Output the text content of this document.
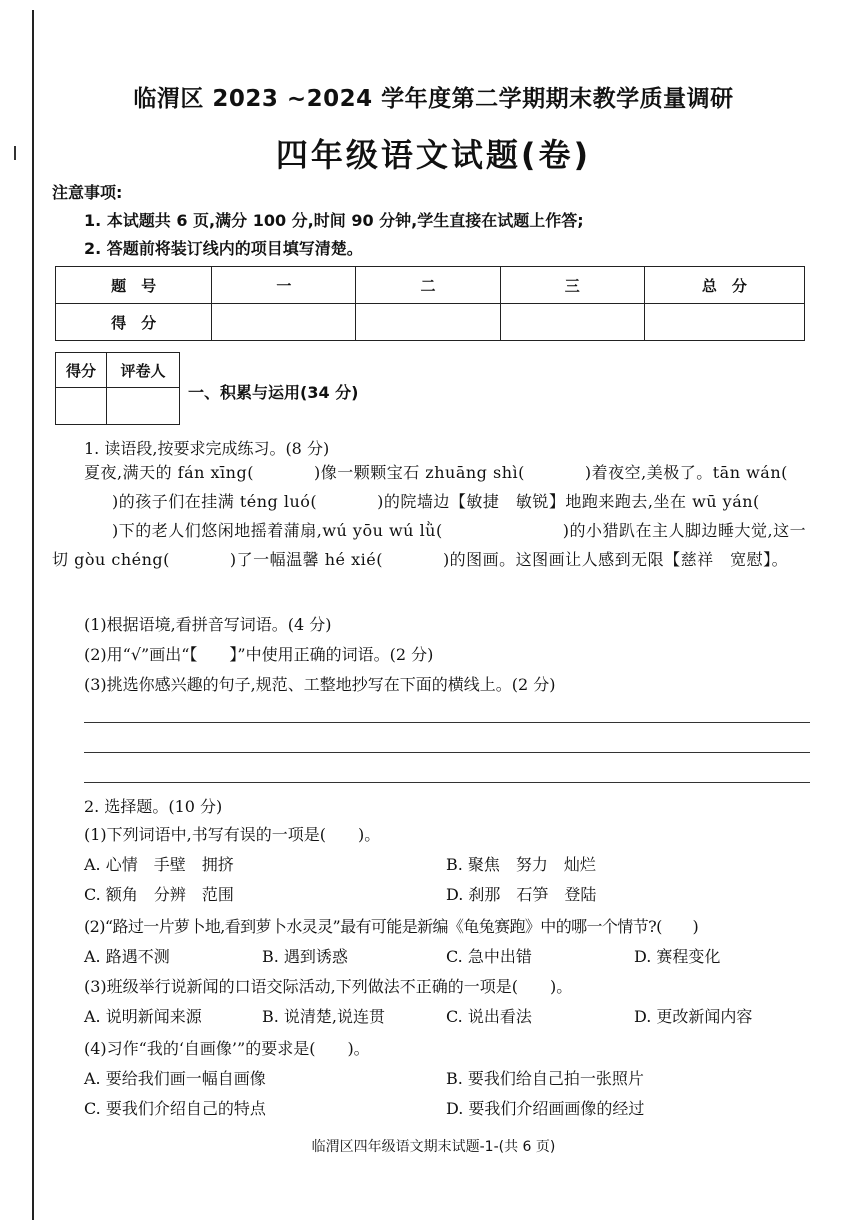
临渭区 2023 ~2024 学年度第二学期期末教学质量调研
四年级语文试题(卷)
注意事项:
1. 本试题共 6 页,满分 100 分,时间 90 分钟,学生直接在试题上作答;
2. 答题前将装订线内的项目填写清楚。
题　号	一	二	三	总　分
得　分				
得分	评卷人

一、积累与运用(34 分)
1. 读语段,按要求完成练习。(8 分)
夏夜,满天的 fán xīng(	)像一颗颗宝石 zhuāng shì(	)着夜空,美极了。tān wán()的孩子们在挂满 téng luó(	)的院墙边【敏捷　敏锐】地跑来跑去,坐在 wū yán()下的老人们悠闲地摇着蒲扇,wú yōu wú lǜ(	)的小猎趴在主人脚边睡大觉,这一切 gòu chéng(	)了一幅温馨 hé xié(	)的图画。这图画让人感到无限【慈祥　宽慰】。
(1)根据语境,看拼音写词语。(4 分)
(2)用“√”画出“【　　】”中使用正确的词语。(2 分)
(3)挑选你感兴趣的句子,规范、工整地抄写在下面的横线上。(2 分)
2. 选择题。(10 分)
(1)下列词语中,书写有误的一项是(　　)。
A. 心情　手壁　拥挤	B. 聚焦　努力　灿烂
C. 额角　分辨　范围	D. 刹那　石笋　登陆
(2)“路过一片萝卜地,看到萝卜水灵灵”最有可能是新编《龟兔赛跑》中的哪一个情节?(　　)
A. 路遇不测	B. 遇到诱惑	C. 急中出错	D. 赛程变化
(3)班级举行说新闻的口语交际活动,下列做法不正确的一项是(　　)。
A. 说明新闻来源	B. 说清楚,说连贯	C. 说出看法	D. 更改新闻内容
(4)习作“我的‘自画像’”的要求是(　　)。
A. 要给我们画一幅自画像	B. 要我们给自己拍一张照片
C. 要我们介绍自己的特点	D. 要我们介绍画画像的经过
临渭区四年级语文期末试题-1-(共 6 页)
